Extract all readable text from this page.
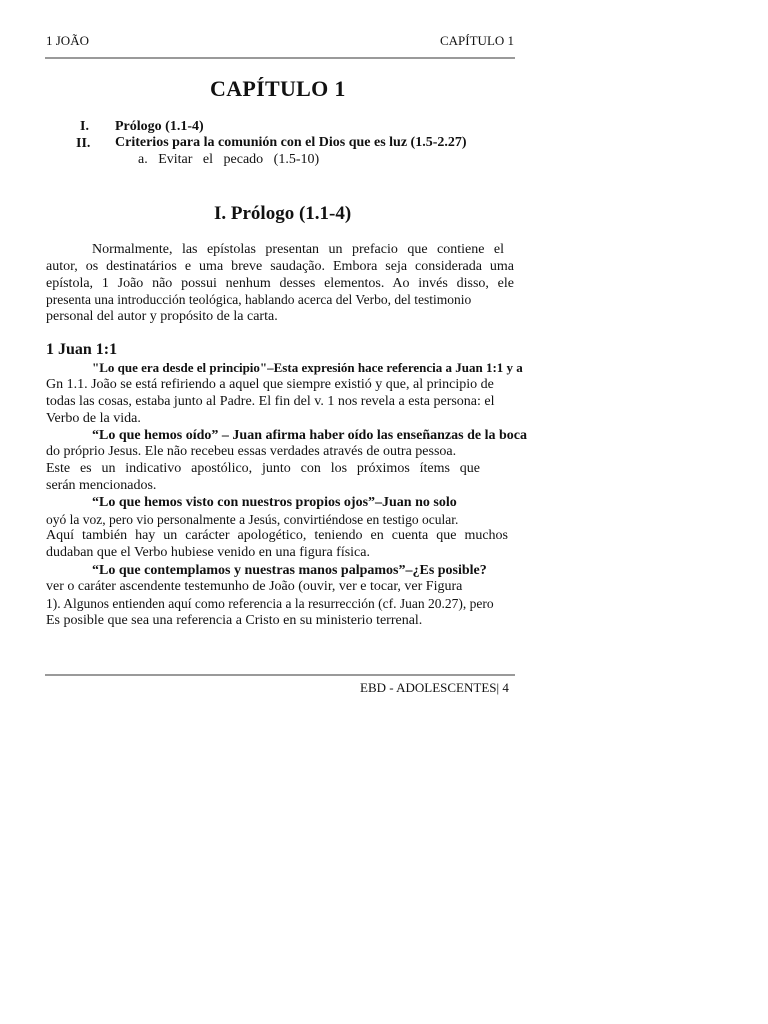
1 JOÃO	CAPÍTULO 1
CAPÍTULO 1
I. Prólogo (1.1-4)
II. Criterios para la comunión con el Dios que es luz (1.5-2.27)
a.   Evitar   el   pecado   (1.5-10)
I. Prólogo (1.1-4)
Normalmente, las epístolas presentan un prefacio que contiene el
autor, os destinatários e uma breve saudação. Embora seja considerada uma
epístola, 1 João não possui nenhum desses elementos. Ao invés disso, ele
presenta una introducción teológica, hablando acerca del Verbo, del testimonio
personal del autor y propósito de la carta.
1 Juan 1:1
"Lo que era desde el principio"–Esta expresión hace referencia a Juan 1:1 y a
Gn 1.1. João se está refiriendo a aquel que siempre existió y que, al principio de
todas las cosas, estaba junto al Padre. El fin del v. 1 nos revela a esta persona: el
Verbo de la vida.
“Lo que hemos oído” – Juan afirma haber oído las enseñanzas de la boca
do próprio Jesus. Ele não recebeu essas verdades através de outra pessoa.
Este es un indicativo apostólico, junto con los próximos ítems que
serán mencionados.
“Lo que hemos visto con nuestros propios ojos”–Juan no solo
oyó la voz, pero vio personalmente a Jesús, convirtiéndose en testigo ocular.
Aquí también hay un carácter apologético, teniendo en cuenta que muchos
dudaban que el Verbo hubiese venido en una figura física.
“Lo que contemplamos y nuestras manos palpamos”–¿Es posible?
ver o caráter ascendente testemunho de João (ouvir, ver e tocar, ver Figura
1). Algunos entienden aquí como referencia a la resurrección (cf. Juan 20.27), pero
Es posible que sea una referencia a Cristo en su ministerio terrenal.
EBD - ADOLESCENTES| 4
